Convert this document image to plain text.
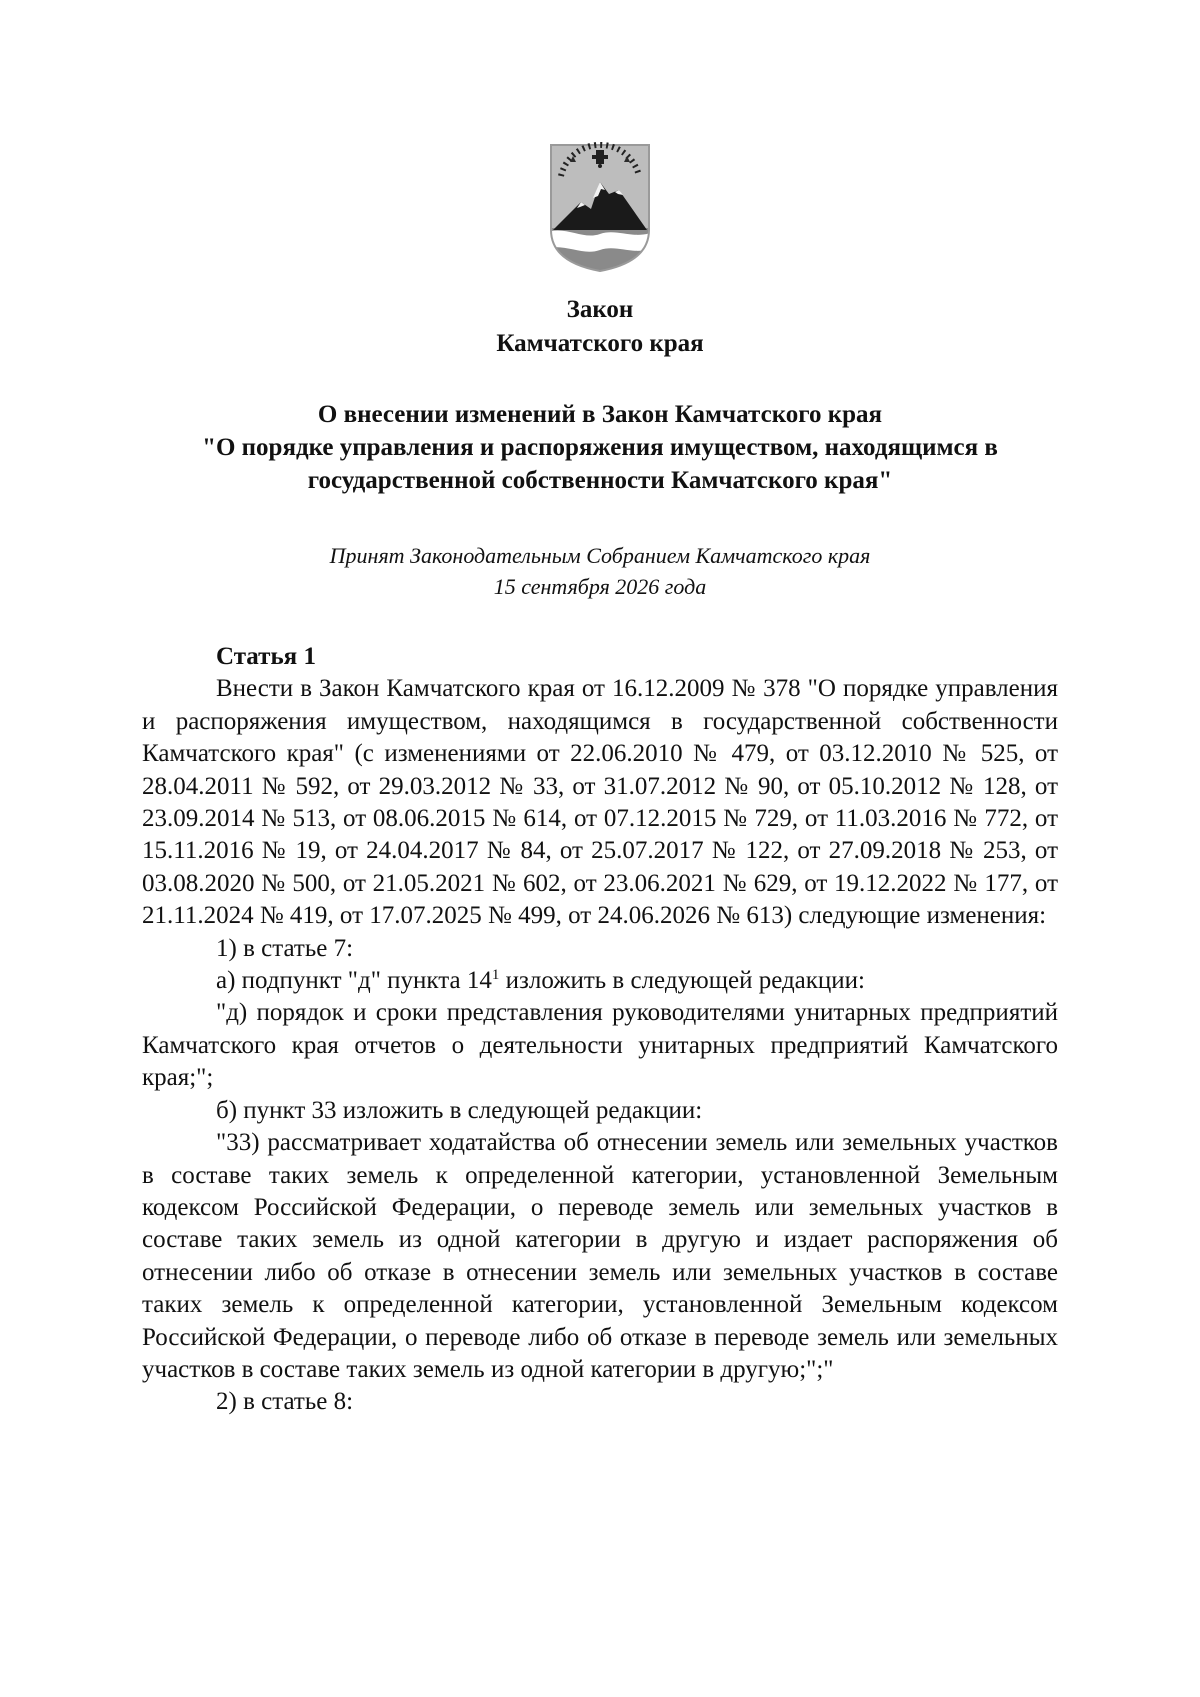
Закон
Камчатского края
О внесении изменений в Закон Камчатского края
"О порядке управления и распоряжения имуществом, находящимся в
государственной собственности Камчатского края"
Принят Законодательным Собранием Камчатского края
15 сентября 2026 года

Статья 1

Внести в Закон Камчатского края от 16.12.2009 № 378 "О порядке управления и распоряжения имуществом, находящимся в государственной собственности Камчатского края" (с изменениями от 22.06.2010 № 479, от 03.12.2010 № 525, от 28.04.2011 № 592, от 29.03.2012 № 33, от 31.07.2012 № 90, от 05.10.2012 № 128, от 23.09.2014 № 513, от 08.06.2015 № 614, от 07.12.2015 № 729, от 11.03.2016 № 772, от 15.11.2016 № 19, от 24.04.2017 № 84, от 25.07.2017 № 122, от 27.09.2018 № 253, от 03.08.2020 № 500, от 21.05.2021 № 602, от 23.06.2021 № 629, от 19.12.2022 № 177, от 21.11.2024 № 419, от 17.07.2025 № 499, от 24.06.2026 № 613) следующие изменения:

1) в статье 7:

а) подпункт "д" пункта $14^1$ изложить в следующей редакции:

"д) порядок и сроки представления руководителями унитарных предприятий Камчатского края отчетов о деятельности унитарных предприятий Камчатского края;";

б) пункт 33 изложить в следующей редакции:

"33) рассматривает ходатайства об отнесении земель или земельных участков в составе таких земель к определенной категории, установленной Земельным кодексом Российской Федерации, о переводе земель или земельных участков в составе таких земель из одной категории в другую и издает распоряжения об отнесении либо об отказе в отнесении земель или земельных участков в составе таких земель к определенной категории, установленной Земельным кодексом Российской Федерации, о переводе либо об отказе в переводе земель или земельных участков в составе таких земель из одной категории в другую;";"

2) в статье 8:
